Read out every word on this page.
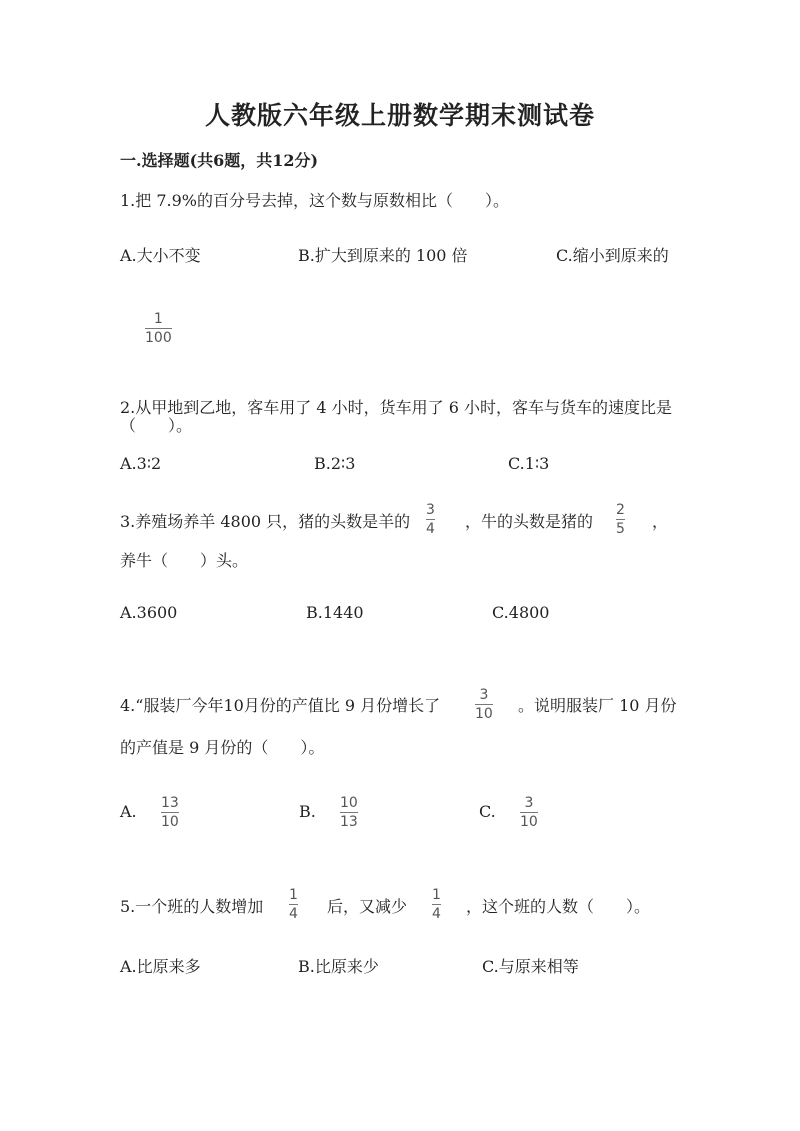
人教版六年级上册数学期末测试卷
一.选择题(共6题，共12分)
1.把 7.9%的百分号去掉，这个数与原数相比（　　）。
A.大小不变	B.扩大到原来的 100 倍	C.缩小到原来的
1
100
2.从甲地到乙地，客车用了 4 小时，货车用了 6 小时，客车与货车的速度比是
（　　）。
A.3∶2	B.2∶3	C.1∶3
3.养殖场养羊 4800 只，猪的头数是羊的
3
4 ，牛的头数是猪的
2
5 ，
养牛（　　）头。
A.3600	B.1440	C.4800
4.“服装厂今年10月份的产值比 9 月份增长了
3
10 。说明服装厂 10 月份
的产值是 9 月份的（　　）。
A. 13
10
B. 10
13
C. 3
10
5.一个班的人数增加
1
4 后，又减少
1
4 ，这个班的人数（　　）。
A.比原来多	B.比原来少	C.与原来相等
